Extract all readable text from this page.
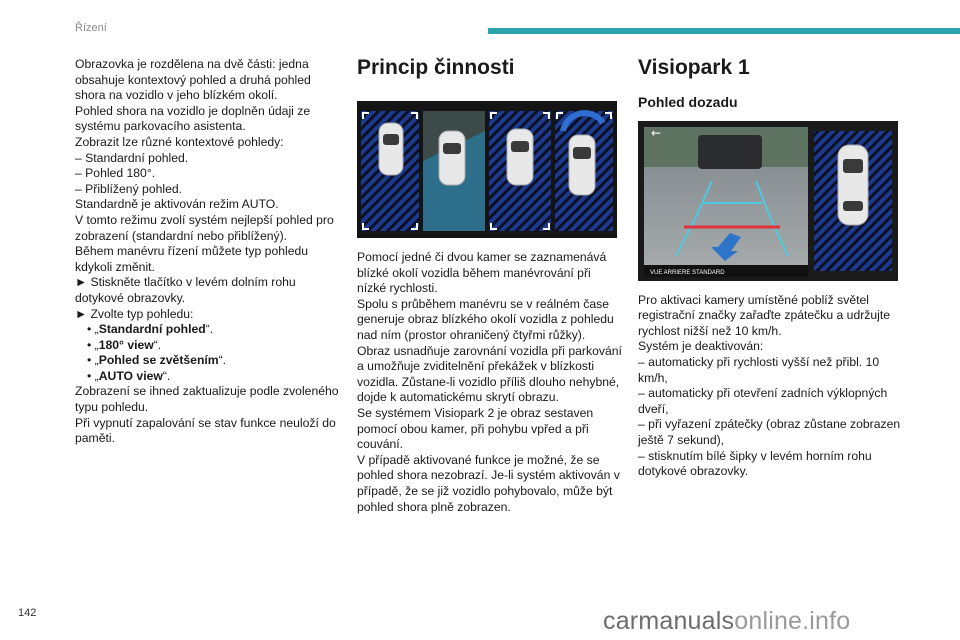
Řízení

Obrazovka je rozdělena na dvě části: jedna obsahuje kontextový pohled a druhá pohled shora na vozidlo v jeho blízkém okolí.

Pohled shora na vozidlo je doplněn údaji ze systému parkovacího asistenta.

Zobrazit lze různé kontextové pohledy:

– Standardní pohled.

– Pohled 180°.

– Přiblížený pohled.

Standardně je aktivován režim AUTO.

V tomto režimu zvolí systém nejlepší pohled pro zobrazení (standardní nebo přiblížený).

Během manévru řízení můžete typ pohledu kdykoli změnit.

► Stiskněte tlačítko v levém dolním rohu dotykové obrazovky.

► Zvolte typ pohledu:

• „Standardní pohled“.

• „180° view“.

• „Pohled se zvětšením“.

• „AUTO view“.

Zobrazení se ihned zaktualizuje podle zvoleného typu pohledu.

Při vypnutí zapalování se stav funkce neuloží do paměti.

Princip činnosti

Pomocí jedné či dvou kamer se zaznamenává blízké okolí vozidla během manévrování při nízké rychlosti.

Spolu s průběhem manévru se v reálném čase generuje obraz blízkého okolí vozidla z pohledu nad ním (prostor ohraničený čtyřmi růžky).

Obraz usnadňuje zarovnání vozidla při parkování a umožňuje zviditelnění překážek v blízkosti vozidla. Zůstane-li vozidlo příliš dlouho nehybné, dojde k automatickému skrytí obrazu.

Se systémem Visiopark 2 je obraz sestaven pomocí obou kamer, při pohybu vpřed a při couvání.

V případě aktivované funkce je možné, že se pohled shora nezobrazí. Je-li systém aktivován v případě, že se již vozidlo pohybovalo, může být pohled shora plně zobrazen.

Visiopark 1
Pohled dozadu
←
VUE ARRIERE STANDARD

Pro aktivaci kamery umístěné poblíž světel registrační značky zařaďte zpátečku a udržujte rychlost nižší než 10 km/h.

Systém je deaktivován:

– automaticky při rychlosti vyšší než přibl. 10 km/h,

– automaticky při otevření zadních výklopných dveří,

– při vyřazení zpátečky (obraz zůstane zobrazen ještě 7 sekund),

– stisknutím bílé šipky v levém horním rohu dotykové obrazovky.

142	carmanualsonline.info
